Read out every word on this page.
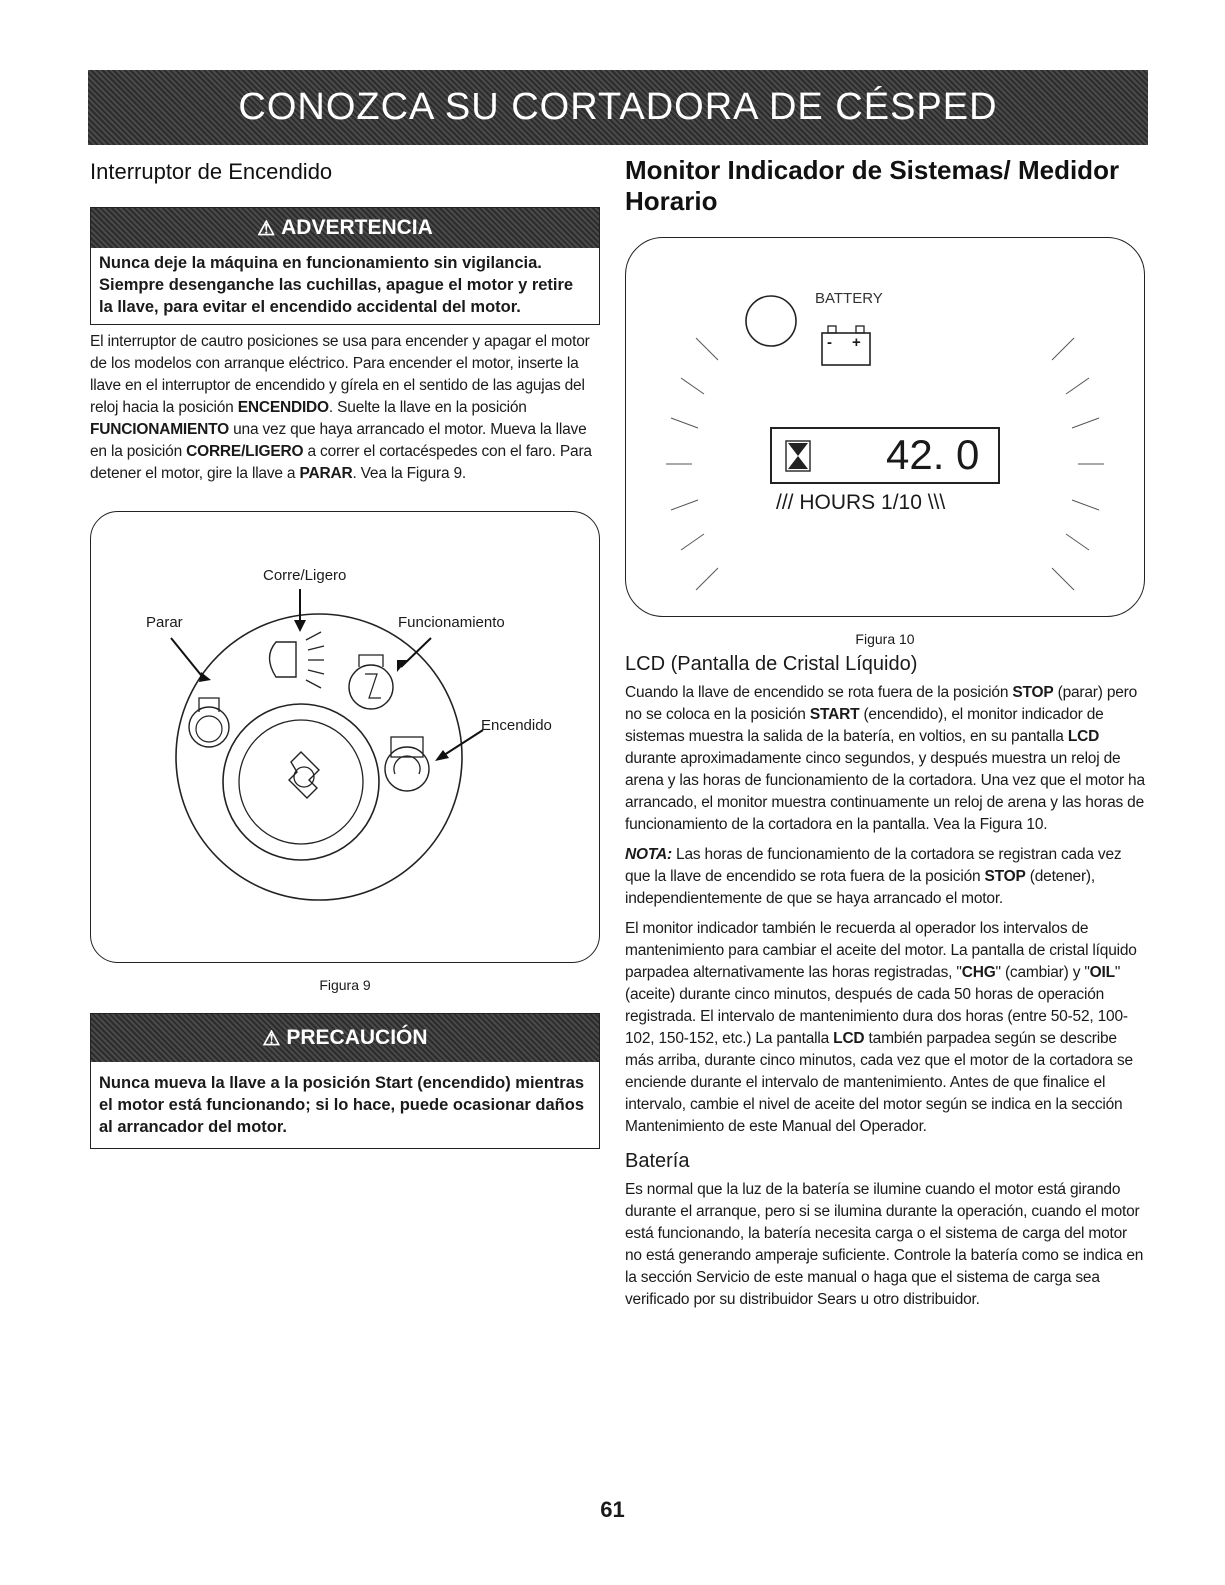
CONOZCA SU CORTADORA DE CÉSPED
Interruptor de Encendido
⚠ ADVERTENCIA
Nunca deje la máquina en funcionamiento sin vigilancia. Siempre desenganche las cuchillas, apague el motor y retire la llave, para evitar el encendido accidental del motor.
El interruptor de cautro posiciones se usa para encender y apagar el motor de los modelos con arranque eléctrico. Para encender el motor, inserte la llave en el interruptor de encendido y gírela en el sentido de las agujas del reloj hacia la posición ENCENDIDO. Suelte la llave en la posición FUNCIONAMIENTO una vez que haya arrancado el motor. Mueva la llave en la posición CORRE/LIGERO a correr el cortacéspedes con el faro. Para detener el motor, gire la llave a PARAR. Vea la Figura 9.
Corre/Ligero
Parar	Funcionamiento
Encendido
Figura 9
⚠ PRECAUCIÓN
Nunca mueva la llave a la posición Start (encendido) mientras el motor está funcionando; si lo hace, puede ocasionar daños al arrancador del motor.
Monitor Indicador de Sistemas/ Medidor Horario
BATTERY
- +
42. 0
/// HOURS 1/10 \\\
Figura 10
LCD (Pantalla de Cristal Líquido)
Cuando la llave de encendido se rota fuera de la posición STOP (parar) pero no se coloca en la posición START (encendido), el monitor indicador de sistemas muestra la salida de la batería, en voltios, en su pantalla LCD durante aproximadamente cinco segundos, y después muestra un reloj de arena y las horas de funcionamiento de la cortadora. Una vez que el motor ha arrancado, el monitor muestra continuamente un reloj de arena y las horas de funcionamiento de la cortadora en la pantalla. Vea la Figura 10.
NOTA: Las horas de funcionamiento de la cortadora se registran cada vez que la llave de encendido se rota fuera de la posición STOP (detener), independientemente de que se haya arrancado el motor.
El monitor indicador también le recuerda al operador los intervalos de mantenimiento para cambiar el aceite del motor. La pantalla de cristal líquido parpadea alternativamente las horas registradas, "CHG" (cambiar) y "OIL" (aceite) durante cinco minutos, después de cada 50 horas de operación registrada. El intervalo de mantenimiento dura dos horas (entre 50-52, 100-102, 150-152, etc.) La pantalla LCD también parpadea según se describe más arriba, durante cinco minutos, cada vez que el motor de la cortadora se enciende durante el intervalo de mantenimiento. Antes de que finalice el intervalo, cambie el nivel de aceite del motor según se indica en la sección Mantenimiento de este Manual del Operador.
Batería
Es normal que la luz de la batería se ilumine cuando el motor está girando durante el arranque, pero si se ilumina durante la operación, cuando el motor está funcionando, la batería necesita carga o el sistema de carga del motor no está generando amperaje suficiente. Controle la batería como se indica en la sección Servicio de este manual o haga que el sistema de carga sea verificado por su distribuidor Sears u otro distribuidor.
61
